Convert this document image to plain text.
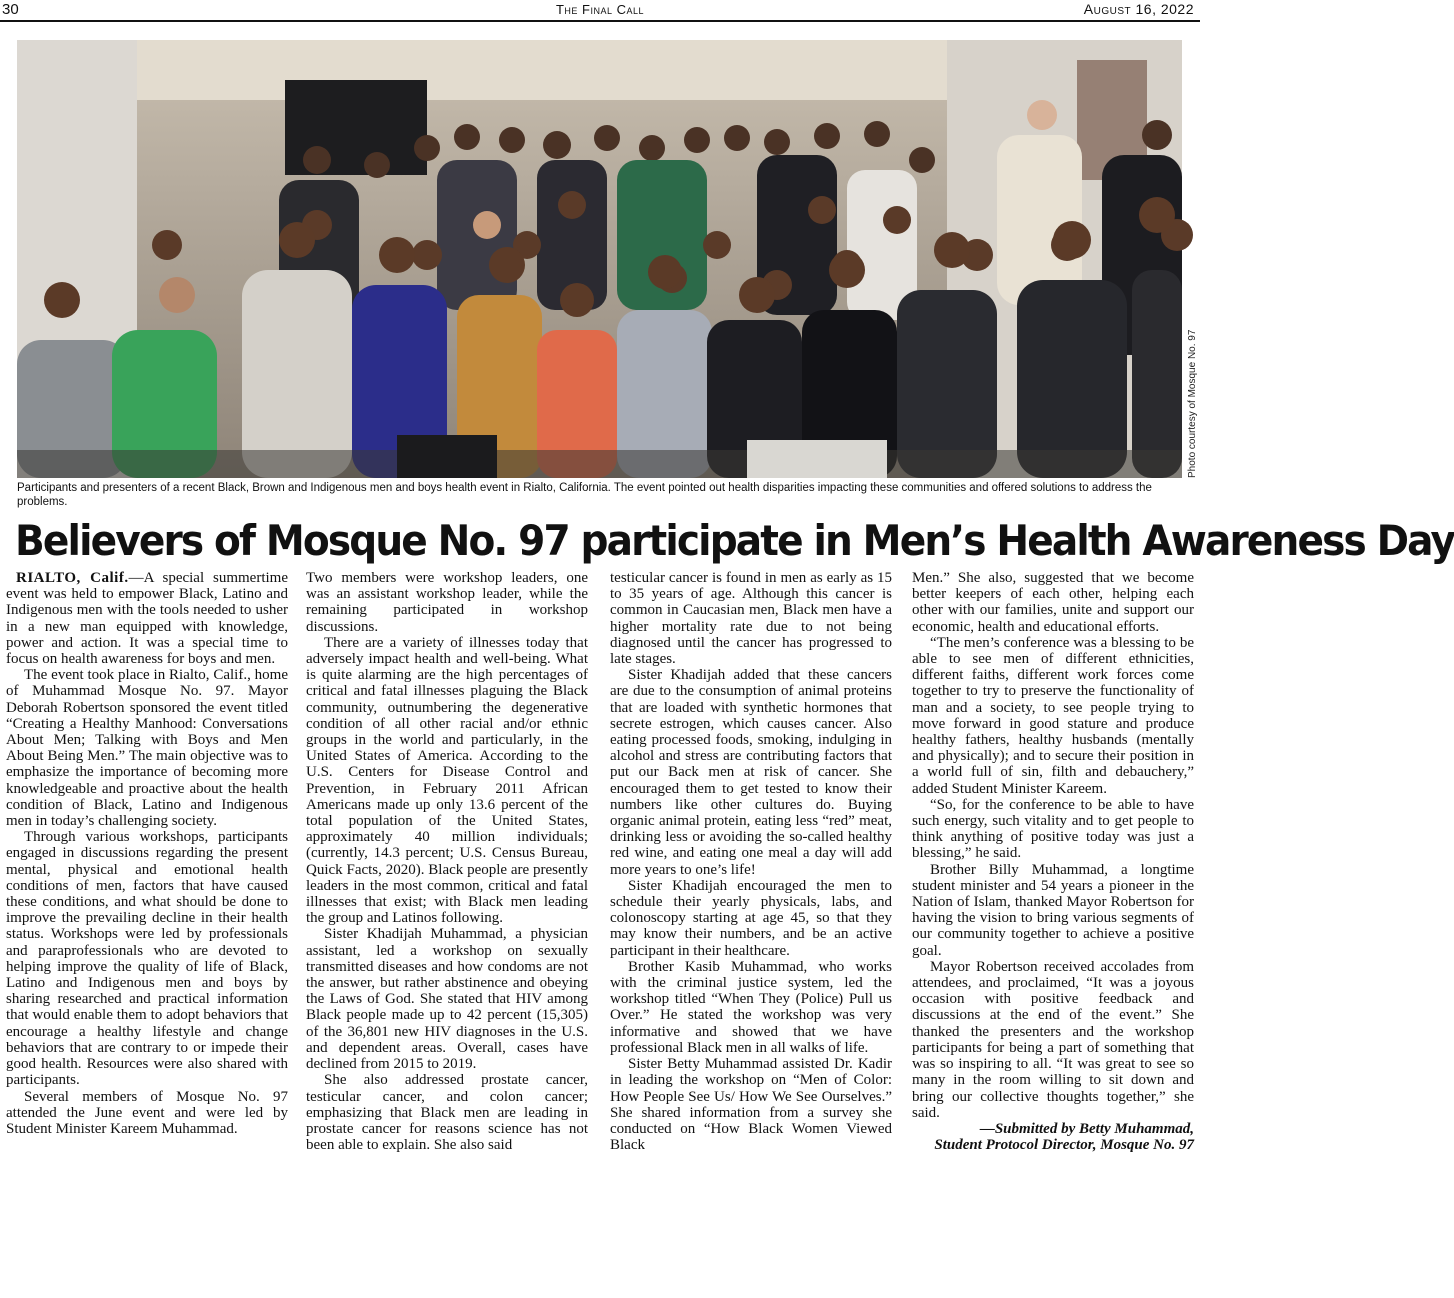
30	The Final Call	August 16, 2022
Photo courtesy of Mosque No. 97
Participants and presenters of a recent Black, Brown and Indigenous men and boys health event in Rialto, California. The event pointed out health disparities impacting these communities and offered solutions to address the problems.
Believers of Mosque No. 97 participate in Men’s Health Awareness Day

RIALTO, Calif.—A special summertime event was held to empower Black, Latino and Indigenous men with the tools needed to usher in a new man equipped with knowledge, power and action. It was a special time to focus on health awareness for boys and men.

The event took place in Rialto, Calif., home of Muhammad Mosque No. 97. Mayor Deborah Robertson sponsored the event titled “Creating a Healthy Manhood: Conversations About Men; Talking with Boys and Men About Being Men.” The main objective was to emphasize the importance of becoming more knowledgeable and proactive about the health condition of Black, Latino and Indigenous men in today’s challenging society.

Through various workshops, participants engaged in discussions regarding the present mental, physical and emotional health conditions of men, factors that have caused these conditions, and what should be done to improve the prevailing decline in their health status. Workshops were led by professionals and paraprofessionals who are devoted to helping improve the quality of life of Black, Latino and Indigenous men and boys by sharing researched and practical information that would enable them to adopt behaviors that encourage a healthy lifestyle and change behaviors that are contrary to or impede their good health. Resources were also shared with participants.

Several members of Mosque No. 97 attended the June event and were led by Student Minister Kareem Muhammad.

Two members were workshop leaders, one was an assistant workshop leader, while the remaining participated in workshop discussions.

There are a variety of illnesses today that adversely impact health and well-being. What is quite alarming are the high percentages of critical and fatal illnesses plaguing the Black community, outnumbering the degenerative condition of all other racial and/or ethnic groups in the world and particularly, in the United States of America. According to the U.S. Centers for Disease Control and Prevention, in February 2011 African Americans made up only 13.6 percent of the total population of the United States, approximately 40 million individuals; (currently, 14.3 percent; U.S. Census Bureau, Quick Facts, 2020). Black people are presently leaders in the most common, critical and fatal illnesses that exist; with Black men leading the group and Latinos following.

Sister Khadijah Muhammad, a physician assistant, led a workshop on sexually transmitted diseases and how condoms are not the answer, but rather abstinence and obeying the Laws of God. She stated that HIV among Black people made up to 42 percent (15,305) of the 36,801 new HIV diagnoses in the U.S. and dependent areas. Overall, cases have declined from 2015 to 2019.

She also addressed prostate cancer, testicular cancer, and colon cancer; emphasizing that Black men are leading in prostate cancer for reasons science has not been able to explain. She also said

testicular cancer is found in men as early as 15 to 35 years of age. Although this cancer is common in Caucasian men, Black men have a higher mortality rate due to not being diagnosed until the cancer has progressed to late stages.

Sister Khadijah added that these cancers are due to the consumption of animal proteins that are loaded with synthetic hormones that secrete estrogen, which causes cancer. Also eating processed foods, smoking, indulging in alcohol and stress are contributing factors that put our Back men at risk of cancer. She encouraged them to get tested to know their numbers like other cultures do. Buying organic animal protein, eating less “red” meat, drinking less or avoiding the so-called healthy red wine, and eating one meal a day will add more years to one’s life!

Sister Khadijah encouraged the men to schedule their yearly physicals, labs, and colonoscopy starting at age 45, so that they may know their numbers, and be an active participant in their healthcare.

Brother Kasib Muhammad, who works with the criminal justice system, led the workshop titled “When They (Police) Pull us Over.” He stated the workshop was very informative and showed that we have professional Black men in all walks of life.

Sister Betty Muhammad assisted Dr. Kadir in leading the workshop on “Men of Color: How People See Us/ How We See Ourselves.” She shared information from a survey she conducted on “How Black Women Viewed Black

Men.” She also, suggested that we become better keepers of each other, helping each other with our families, unite and support our economic, health and educational efforts.

“The men’s conference was a blessing to be able to see men of different ethnicities, different faiths, different work forces come together to try to preserve the functionality of man and a society, to see people trying to move forward in good stature and produce healthy fathers, healthy husbands (mentally and physically); and to secure their position in a world full of sin, filth and debauchery,” added Student Minister Kareem.

“So, for the conference to be able to have such energy, such vitality and to get people to think anything of positive today was just a blessing,” he said.

Brother Billy Muhammad, a longtime student minister and 54 years a pioneer in the Nation of Islam, thanked Mayor Robertson for having the vision to bring various segments of our community together to achieve a positive goal.

Mayor Robertson received accolades from attendees, and proclaimed, “It was a joyous occasion with positive feedback and discussions at the end of the event.” She thanked the presenters and the workshop participants for being a part of something that was so inspiring to all. “It was great to see so many in the room willing to sit down and bring our collective thoughts together,” she said.

—Submitted by Betty Muhammad, Student Protocol Director, Mosque No. 97
